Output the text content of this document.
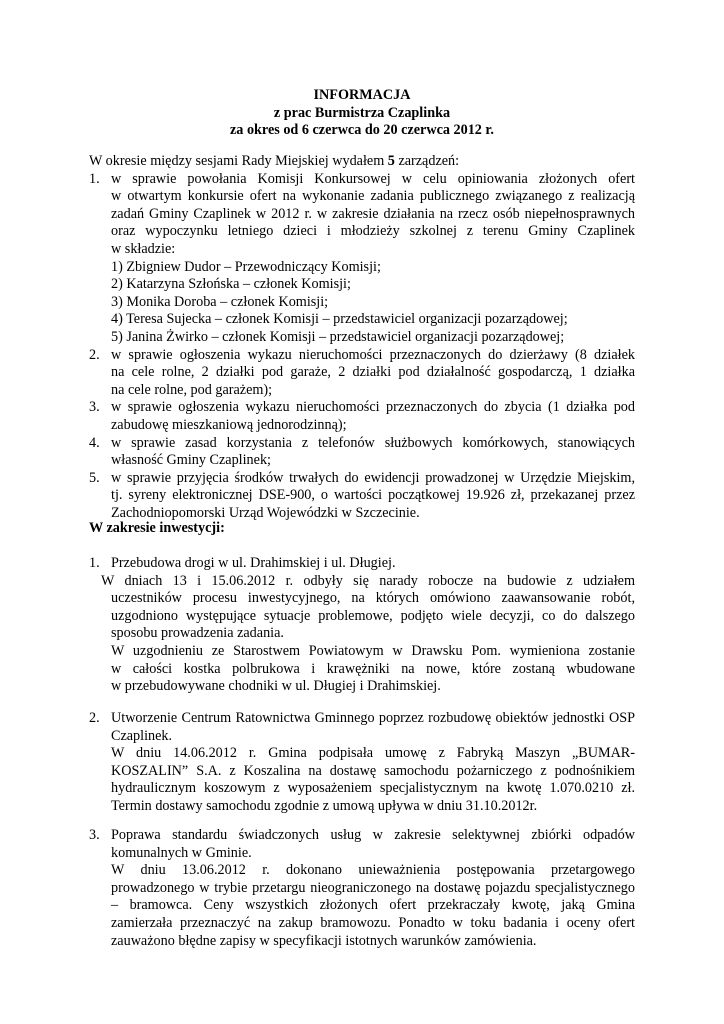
INFORMACJA
z prac Burmistrza Czaplinka
za okres od 6 czerwca do 20 czerwca 2012 r.
W okresie między sesjami Rady Miejskiej wydałem 5 zarządzeń:
1. w sprawie powołania Komisji Konkursowej w celu opiniowania złożonych ofert
w otwartym konkursie ofert na wykonanie zadania publicznego związanego z realizacją
zadań Gminy Czaplinek w 2012 r. w zakresie działania na rzecz osób niepełnosprawnych
oraz wypoczynku letniego dzieci i młodzieży szkolnej z terenu Gminy Czaplinek
w składzie:
1) Zbigniew Dudor – Przewodniczący Komisji;
2) Katarzyna Szłońska – członek Komisji;
3) Monika Doroba – członek Komisji;
4) Teresa Sujecka – członek Komisji – przedstawiciel organizacji pozarządowej;
5) Janina Żwirko – członek Komisji – przedstawiciel organizacji pozarządowej;
2. w sprawie ogłoszenia wykazu nieruchomości przeznaczonych do dzierżawy (8 działek
na cele rolne, 2 działki pod garaże, 2 działki pod działalność gospodarczą, 1 działka
na cele rolne, pod garażem);
3. w sprawie ogłoszenia wykazu nieruchomości przeznaczonych do zbycia (1 działka pod
zabudowę mieszkaniową jednorodzinną);
4. w sprawie zasad korzystania z telefonów służbowych komórkowych, stanowiących
własność Gminy Czaplinek;
5. w sprawie przyjęcia środków trwałych do ewidencji prowadzonej w Urzędzie Miejskim,
tj. syreny elektronicznej DSE-900, o wartości początkowej 19.926 zł, przekazanej przez
Zachodniopomorski Urząd Wojewódzki w Szczecinie.
W zakresie inwestycji:
1. Przebudowa drogi w ul. Drahimskiej i ul. Długiej.
W dniach 13 i 15.06.2012 r. odbyły się narady robocze na budowie z udziałem
uczestników procesu inwestycyjnego, na których omówiono zaawansowanie robót,
uzgodniono występujące sytuacje problemowe, podjęto wiele decyzji, co do dalszego
sposobu prowadzenia zadania.
W uzgodnieniu ze Starostwem Powiatowym w Drawsku Pom. wymieniona zostanie
w całości kostka polbrukowa i krawężniki na nowe, które zostaną wbudowane
w przebudowywane chodniki w ul. Długiej i Drahimskiej.
2. Utworzenie Centrum Ratownictwa Gminnego poprzez rozbudowę obiektów jednostki OSP
Czaplinek.
W dniu 14.06.2012 r. Gmina podpisała umowę z Fabryką Maszyn „BUMAR-
KOSZALIN” S.A. z Koszalina na dostawę samochodu pożarniczego z podnośnikiem
hydraulicznym koszowym z wyposażeniem specjalistycznym na kwotę 1.070.0210 zł.
Termin dostawy samochodu zgodnie z umową upływa w dniu 31.10.2012r.
3. Poprawa standardu świadczonych usług w zakresie selektywnej zbiórki odpadów
komunalnych w Gminie.
W dniu 13.06.2012 r. dokonano unieważnienia postępowania przetargowego
prowadzonego w trybie przetargu nieograniczonego na dostawę pojazdu specjalistycznego
– bramowca. Ceny wszystkich złożonych ofert przekraczały kwotę, jaką Gmina
zamierzała przeznaczyć na zakup bramowozu. Ponadto w toku badania i oceny ofert
zauważono błędne zapisy w specyfikacji istotnych warunków zamówienia.
